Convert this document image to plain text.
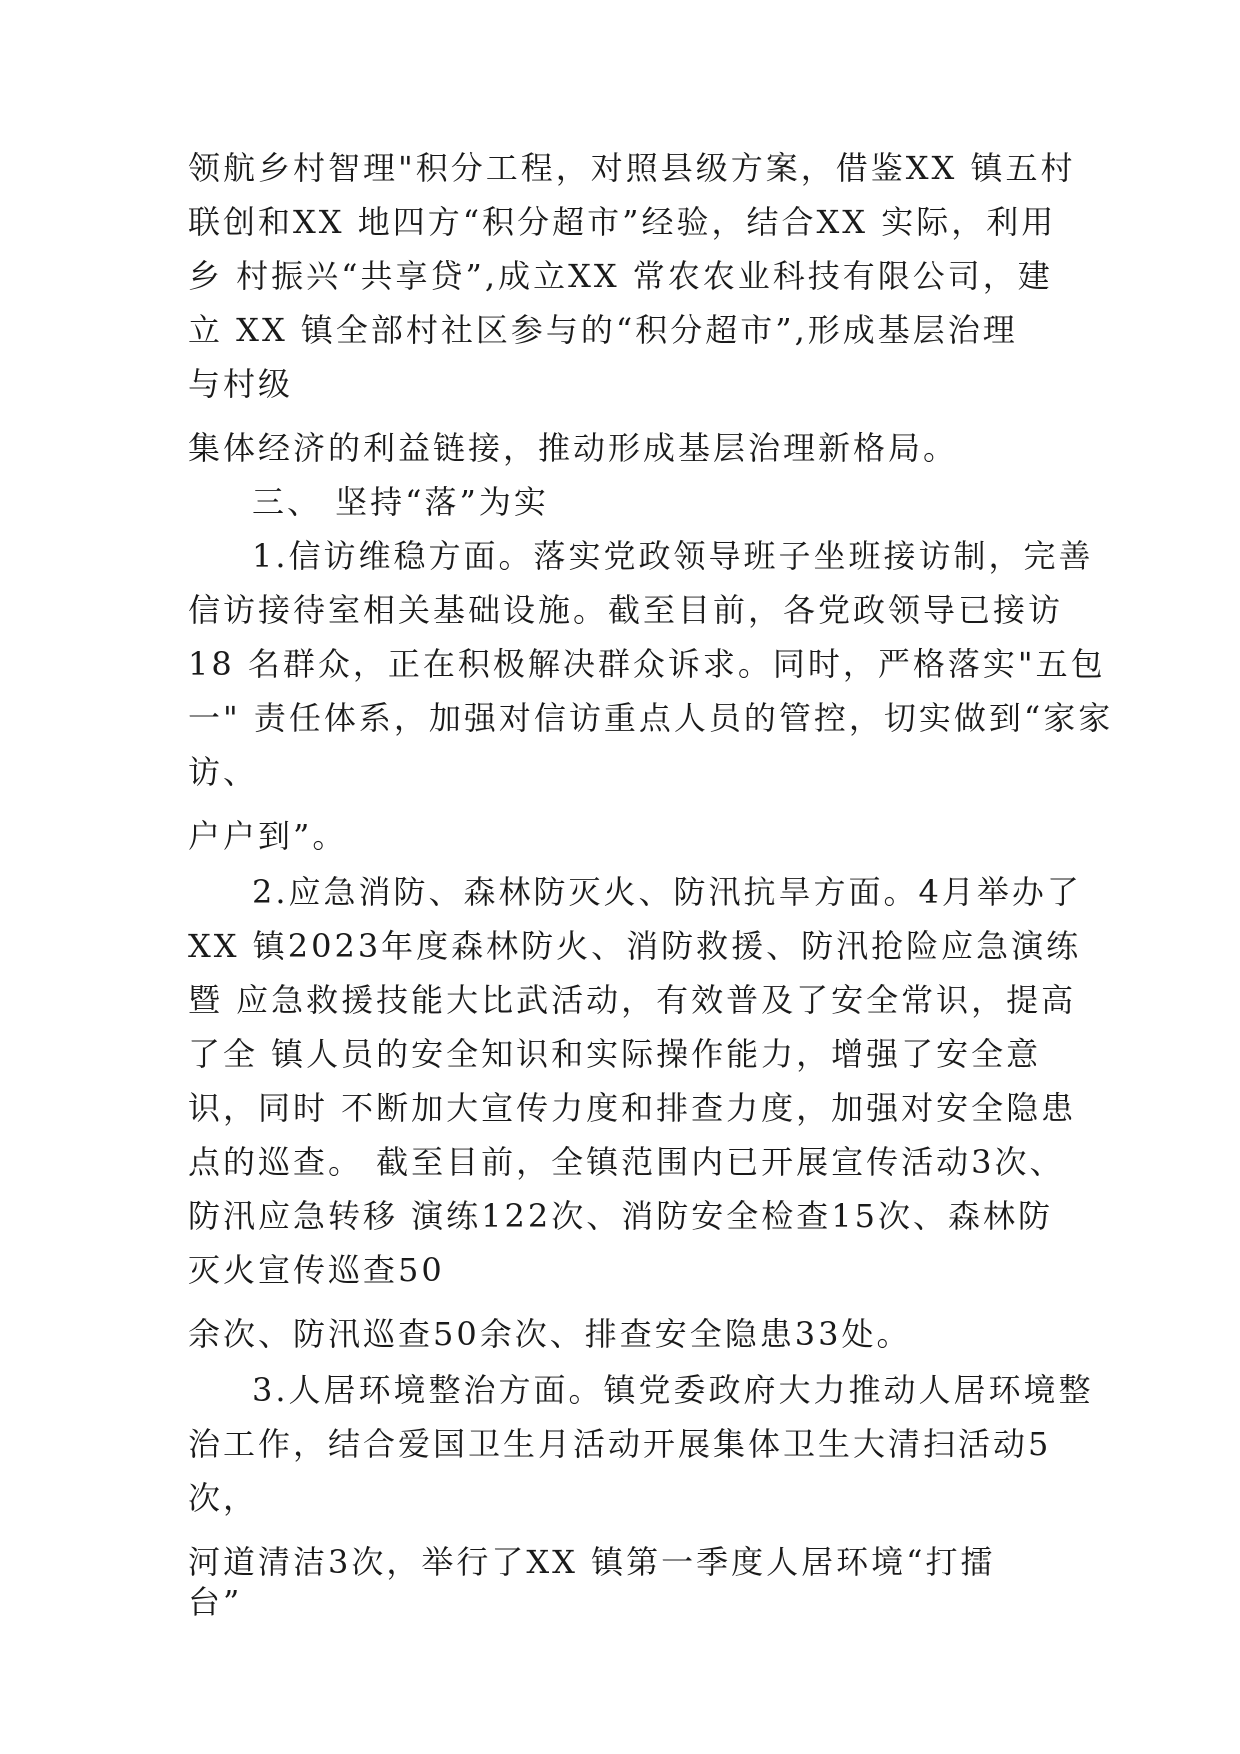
领航乡村智理"积分工程，对照县级方案，借鉴XX 镇五村
联创和XX 地四方“积分超市”经验，结合XX 实际，利用
乡 村振兴“共享贷”,成立XX 常农农业科技有限公司，建
立 XX 镇全部村社区参与的“积分超市”,形成基层治理
与村级
集体经济的利益链接，推动形成基层治理新格局。
三、 坚持“落”为实
1.信访维稳方面。落实党政领导班子坐班接访制，完善
信访接待室相关基础设施。截至目前，各党政领导已接访
18 名群众，正在积极解决群众诉求。同时，严格落实"五包
一" 责任体系，加强对信访重点人员的管控，切实做到“家家
访、
户户到”。
2.应急消防、森林防灭火、防汛抗旱方面。4月举办了
XX 镇2023年度森林防火、消防救援、防汛抢险应急演练
暨 应急救援技能大比武活动，有效普及了安全常识，提高
了全 镇人员的安全知识和实际操作能力，增强了安全意
识，同时 不断加大宣传力度和排查力度，加强对安全隐患
点的巡查。 截至目前，全镇范围内已开展宣传活动3次、
防汛应急转移 演练122次、消防安全检查15次、森林防
灭火宣传巡查50
余次、防汛巡查50余次、排查安全隐患33处。
3.人居环境整治方面。镇党委政府大力推动人居环境整
治工作，结合爱国卫生月活动开展集体卫生大清扫活动5
次，
河道清洁3次，举行了XX 镇第一季度人居环境“打擂
台”
